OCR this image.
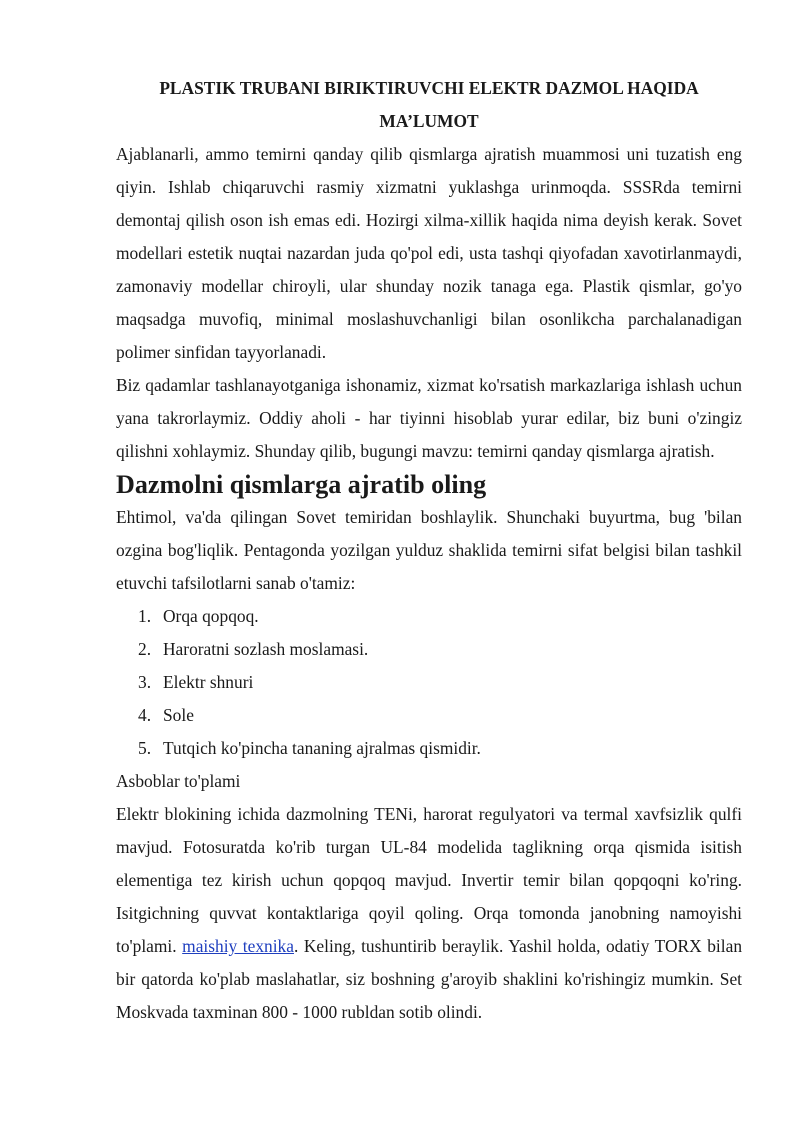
PLASTIK TRUBANI BIRIKTIRUVCHI ELEKTR DAZMOL HAQIDA
MA’LUMOT

Ajablanarli, ammo temirni qanday qilib qismlarga ajratish muammosi uni tuzatish eng qiyin. Ishlab chiqaruvchi rasmiy xizmatni yuklashga urinmoqda. SSSRda temirni demontaj qilish oson ish emas edi. Hozirgi xilma-xillik haqida nima deyish kerak. Sovet modellari estetik nuqtai nazardan juda qo'pol edi, usta tashqi qiyofadan xavotirlanmaydi, zamonaviy modellar chiroyli, ular shunday nozik tanaga ega. Plastik qismlar, go'yo maqsadga muvofiq, minimal moslashuvchanligi bilan osonlikcha parchalanadigan polimer sinfidan tayyorlanadi.

Biz qadamlar tashlanayotganiga ishonamiz, xizmat ko'rsatish markazlariga ishlash uchun yana takrorlaymiz. Oddiy aholi - har tiyinni hisoblab yurar edilar, biz buni o'zingiz qilishni xohlaymiz. Shunday qilib, bugungi mavzu: temirni qanday qismlarga ajratish.

Dazmolni qismlarga ajratib oling

Ehtimol, va'da qilingan Sovet temiridan boshlaylik. Shunchaki buyurtma, bug 'bilan ozgina bog'liqlik. Pentagonda yozilgan yulduz shaklida temirni sifat belgisi bilan tashkil etuvchi tafsilotlarni sanab o'tamiz:

1. Orqa qopqoq.
2. Haroratni sozlash moslamasi.
3. Elektr shnuri
4. Sole
5. Tutqich ko'pincha tananing ajralmas qismidir.

Asboblar to'plami

Elektr blokining ichida dazmolning TENi, harorat regulyatori va termal xavfsizlik qulfi mavjud. Fotosuratda ko'rib turgan UL-84 modelida taglikning orqa qismida isitish elementiga tez kirish uchun qopqoq mavjud. Invertir temir bilan qopqoqni ko'ring. Isitgichning quvvat kontaktlariga qoyil qoling. Orqa tomonda janobning namoyishi to'plami. maishiy texnika. Keling, tushuntirib beraylik. Yashil holda, odatiy TORX bilan bir qatorda ko'plab maslahatlar, siz boshning g'aroyib shaklini ko'rishingiz mumkin. Set Moskvada taxminan 800 - 1000 rubldan sotib olindi.
